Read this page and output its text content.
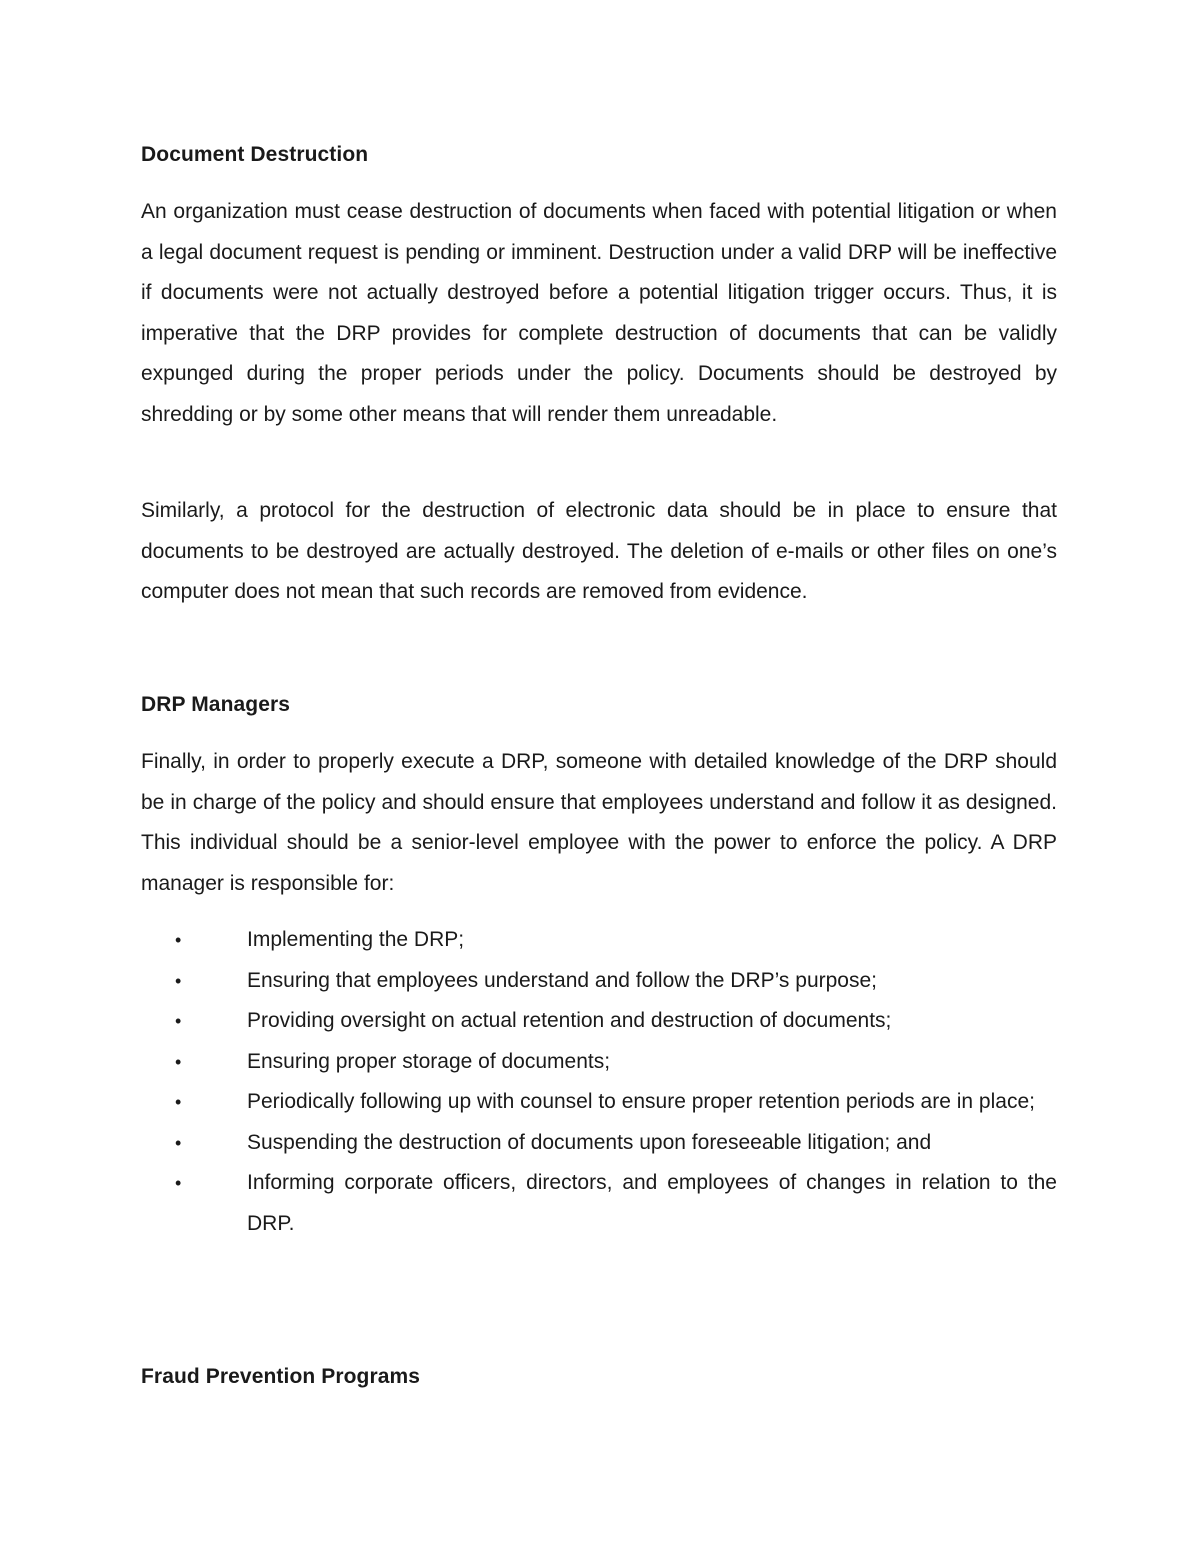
Document Destruction

An organization must cease destruction of documents when faced with potential litigation or when a legal document request is pending or imminent. Destruction under a valid DRP will be ineffective if documents were not actually destroyed before a potential litigation trigger occurs. Thus, it is imperative that the DRP provides for complete destruction of documents that can be validly expunged during the proper periods under the policy. Documents should be destroyed by shredding or by some other means that will render them unreadable.

Similarly, a protocol for the destruction of electronic data should be in place to ensure that documents to be destroyed are actually destroyed. The deletion of e-mails or other files on one’s computer does not mean that such records are removed from evidence.

DRP Managers

Finally, in order to properly execute a DRP, someone with detailed knowledge of the DRP should be in charge of the policy and should ensure that employees understand and follow it as designed. This individual should be a senior-level employee with the power to enforce the policy. A DRP manager is responsible for:

•	Implementing the DRP;
•	Ensuring that employees understand and follow the DRP’s purpose;
•	Providing oversight on actual retention and destruction of documents;
•	Ensuring proper storage of documents;
•	Periodically following up with counsel to ensure proper retention periods are in place;
•	Suspending the destruction of documents upon foreseeable litigation; and
•	Informing corporate officers, directors, and employees of changes in relation to the DRP.
Fraud Prevention Programs
